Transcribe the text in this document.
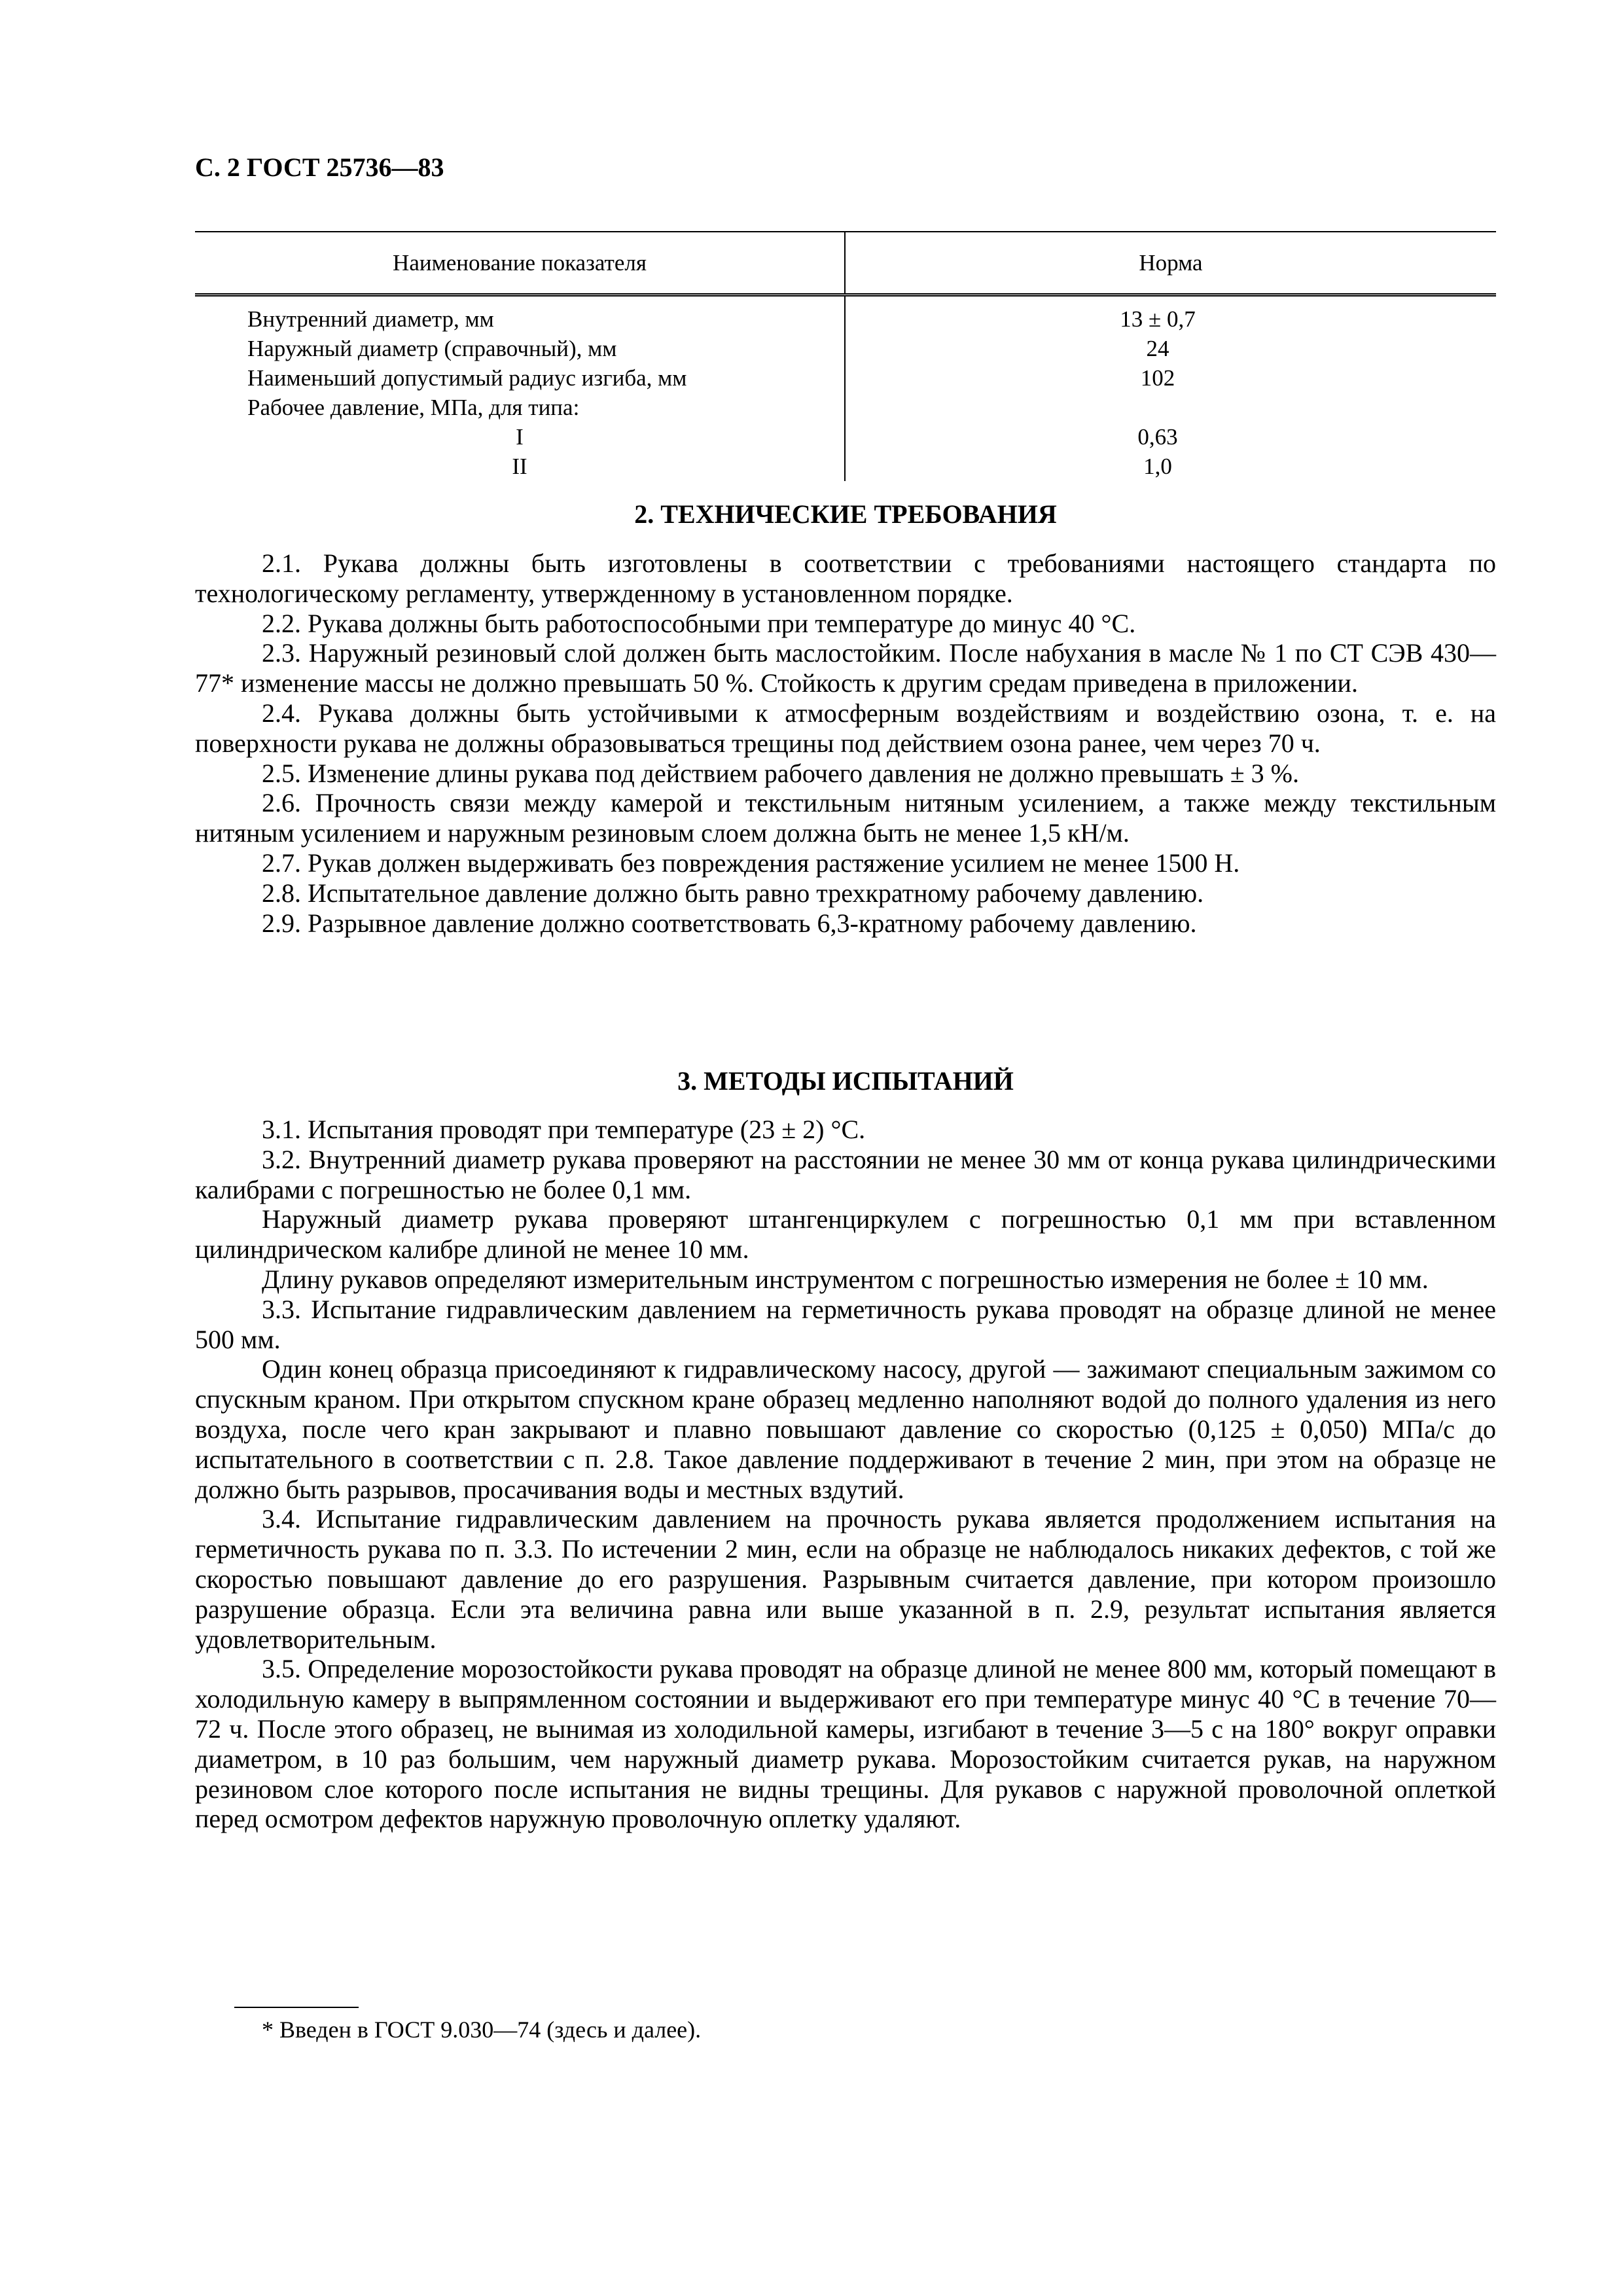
С. 2 ГОСТ 25736—83
Наименование показателя	Норма

Внутренний диаметр, мм	13 ± 0,7

Наружный диаметр (справочный), мм	24

Наименьший допустимый радиус изгиба, мм	102

Рабочее давление, МПа, для типа:	

I	0,63

II	1,0
2. ТЕХНИЧЕСКИЕ ТРЕБОВАНИЯ

2.1. Рукава должны быть изготовлены в соответствии с требованиями настоящего стандарта по технологическому регламенту, утвержденному в установленном порядке.

2.2. Рукава должны быть работоспособными при температуре до минус 40 °С.

2.3. Наружный резиновый слой должен быть маслостойким. После набухания в масле № 1 по СТ СЭВ 430—77* изменение массы не должно превышать 50 %. Стойкость к другим средам приведена в приложении.

2.4. Рукава должны быть устойчивыми к атмосферным воздействиям и воздействию озона, т. е. на поверхности рукава не должны образовываться трещины под действием озона ранее, чем через 70 ч.

2.5. Изменение длины рукава под действием рабочего давления не должно превышать ± 3 %.

2.6. Прочность связи между камерой и текстильным нитяным усилением, а также между текстильным нитяным усилением и наружным резиновым слоем должна быть не менее 1,5 кН/м.

2.7. Рукав должен выдерживать без повреждения растяжение усилием не менее 1500 Н.

2.8. Испытательное давление должно быть равно трехкратному рабочему давлению.

2.9. Разрывное давление должно соответствовать 6,3-кратному рабочему давлению.

3. МЕТОДЫ ИСПЫТАНИЙ

3.1. Испытания проводят при температуре (23 ± 2) °С.

3.2. Внутренний диаметр рукава проверяют на расстоянии не менее 30 мм от конца рукава цилиндрическими калибрами с погрешностью не более 0,1 мм.

Наружный диаметр рукава проверяют штангенциркулем с погрешностью 0,1 мм при вставленном цилиндрическом калибре длиной не менее 10 мм.

Длину рукавов определяют измерительным инструментом с погрешностью измерения не более ± 10 мм.

3.3. Испытание гидравлическим давлением на герметичность рукава проводят на образце длиной не менее 500 мм.

Один конец образца присоединяют к гидравлическому насосу, другой — зажимают специальным зажимом со спускным краном. При открытом спускном кране образец медленно наполняют водой до полного удаления из него воздуха, после чего кран закрывают и плавно повышают давление со скоростью (0,125 ± 0,050) МПа/с до испытательного в соответствии с п. 2.8. Такое давление поддерживают в течение 2 мин, при этом на образце не должно быть разрывов, просачивания воды и местных вздутий.

3.4. Испытание гидравлическим давлением на прочность рукава является продолжением испытания на герметичность рукава по п. 3.3. По истечении 2 мин, если на образце не наблюдалось никаких дефектов, с той же скоростью повышают давление до его разрушения. Разрывным считается давление, при котором произошло разрушение образца. Если эта величина равна или выше указанной в п. 2.9, результат испытания является удовлетворительным.

3.5. Определение морозостойкости рукава проводят на образце длиной не менее 800 мм, который помещают в холодильную камеру в выпрямленном состоянии и выдерживают его при температуре минус 40 °С в течение 70—72 ч. После этого образец, не вынимая из холодильной камеры, изгибают в течение 3—5 с на 180° вокруг оправки диаметром, в 10 раз большим, чем наружный диаметр рукава. Морозостойким считается рукав, на наружном резиновом слое которого после испытания не видны трещины. Для рукавов с наружной проволочной оплеткой перед осмотром дефектов наружную проволочную оплетку удаляют.

* Введен в ГОСТ 9.030—74 (здесь и далее).
